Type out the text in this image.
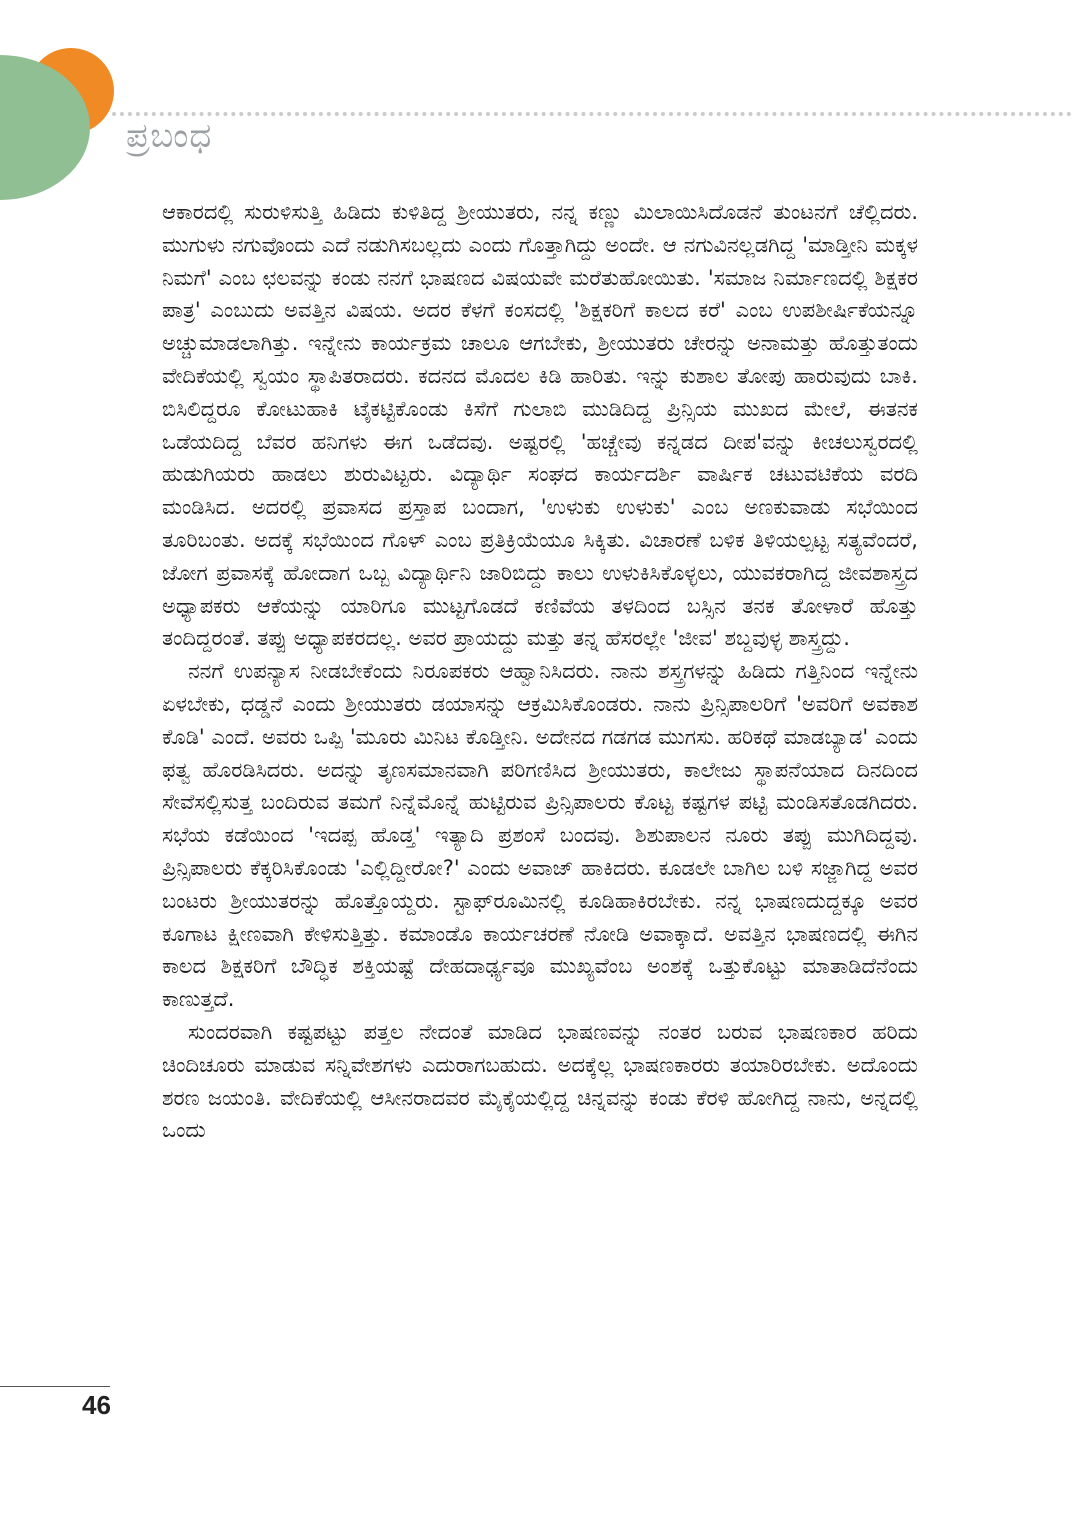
ಪ್ರಬಂಧ

ಆಕಾರದಲ್ಲಿ ಸುರುಳಿಸುತ್ತಿ ಹಿಡಿದು ಕುಳಿತಿದ್ದ ಶ್ರೀಯುತರು, ನನ್ನ ಕಣ್ಣು ಮಿಲಾಯಿಸಿದೊಡನೆ ತುಂಟನಗೆ ಚೆಲ್ಲಿದರು. ಮುಗುಳು ನಗುವೊಂದು ಎದೆ ನಡುಗಿಸಬಲ್ಲದು ಎಂದು ಗೊತ್ತಾಗಿದ್ದು ಅಂದೇ. ಆ ನಗುವಿನಲ್ಲಡಗಿದ್ದ 'ಮಾಡ್ತೀನಿ ಮಕ್ಕಳ ನಿಮಗೆ' ಎಂಬ ಛಲವನ್ನು ಕಂಡು ನನಗೆ ಭಾಷಣದ ವಿಷಯವೇ ಮರೆತುಹೋಯಿತು. 'ಸಮಾಜ ನಿರ್ಮಾಣದಲ್ಲಿ ಶಿಕ್ಷಕರ ಪಾತ್ರ' ಎಂಬುದು ಅವತ್ತಿನ ವಿಷಯ. ಅದರ ಕೆಳಗೆ ಕಂಸದಲ್ಲಿ 'ಶಿಕ್ಷಕರಿಗೆ ಕಾಲದ ಕರೆ' ಎಂಬ ಉಪಶೀರ್ಷಿಕೆಯನ್ನೂ ಅಚ್ಚುಮಾಡಲಾಗಿತ್ತು. ಇನ್ನೇನು ಕಾರ್ಯಕ್ರಮ ಚಾಲೂ ಆಗಬೇಕು, ಶ್ರೀಯುತರು ಚೇರನ್ನು ಅನಾಮತ್ತು ಹೊತ್ತುತಂದು ವೇದಿಕೆಯಲ್ಲಿ ಸ್ವಯಂ ಸ್ಥಾಪಿತರಾದರು. ಕದನದ ಮೊದಲ ಕಿಡಿ ಹಾರಿತು. ಇನ್ನು ಕುಶಾಲ ತೋಪು ಹಾರುವುದು ಬಾಕಿ. ಬಿಸಿಲಿದ್ದರೂ ಕೋಟುಹಾಕಿ ಟೈಕಟ್ಟಿಕೊಂಡು ಕಿಸೆಗೆ ಗುಲಾಬಿ ಮುಡಿದಿದ್ದ ಪ್ರಿನ್ಸಿಯ ಮುಖದ ಮೇಲೆ, ಈತನಕ ಒಡೆಯದಿದ್ದ ಬೆವರ ಹನಿಗಳು ಈಗ ಒಡೆದವು. ಅಷ್ಟರಲ್ಲಿ 'ಹಚ್ಚೇವು ಕನ್ನಡದ ದೀಪ'ವನ್ನು ಕೀಚಲುಸ್ವರದಲ್ಲಿ ಹುಡುಗಿಯರು ಹಾಡಲು ಶುರುವಿಟ್ಟರು. ವಿದ್ಯಾರ್ಥಿ ಸಂಘದ ಕಾರ್ಯದರ್ಶಿ ವಾರ್ಷಿಕ ಚಟುವಟಿಕೆಯ ವರದಿ ಮಂಡಿಸಿದ. ಅದರಲ್ಲಿ ಪ್ರವಾಸದ ಪ್ರಸ್ತಾಪ ಬಂದಾಗ, 'ಉಳುಕು ಉಳುಕು' ಎಂಬ ಅಣಕುವಾಡು ಸಭೆಯಿಂದ ತೂರಿಬಂತು. ಅದಕ್ಕೆ ಸಭೆಯಿಂದ ಗೊಳ್ ಎಂಬ ಪ್ರತಿಕ್ರಿಯೆಯೂ ಸಿಕ್ಕಿತು. ವಿಚಾರಣೆ ಬಳಿಕ ತಿಳಿಯಲ್ಪಟ್ಟ ಸತ್ಯವೆಂದರೆ, ಜೋಗ ಪ್ರವಾಸಕ್ಕೆ ಹೋದಾಗ ಒಬ್ಬ ವಿದ್ಯಾರ್ಥಿನಿ ಜಾರಿಬಿದ್ದು ಕಾಲು ಉಳುಕಿಸಿಕೊಳ್ಳಲು, ಯುವಕರಾಗಿದ್ದ ಜೀವಶಾಸ್ತ್ರದ ಅಧ್ಯಾಪಕರು ಆಕೆಯನ್ನು ಯಾರಿಗೂ ಮುಟ್ಟಗೊಡದೆ ಕಣಿವೆಯ ತಳದಿಂದ ಬಸ್ಸಿನ ತನಕ ತೋಳಾರೆ ಹೊತ್ತು ತಂದಿದ್ದರಂತೆ. ತಪ್ಪು ಅಧ್ಯಾಪಕರದಲ್ಲ. ಅವರ ಪ್ರಾಯದ್ದು ಮತ್ತು ತನ್ನ ಹೆಸರಲ್ಲೇ 'ಜೀವ' ಶಬ್ದವುಳ್ಳ ಶಾಸ್ತ್ರದ್ದು.

ನನಗೆ ಉಪನ್ಯಾಸ ನೀಡಬೇಕೆಂದು ನಿರೂಪಕರು ಆಹ್ವಾನಿಸಿದರು. ನಾನು ಶಸ್ತ್ರಗಳನ್ನು ಹಿಡಿದು ಗತ್ತಿನಿಂದ ಇನ್ನೇನು ಏಳಬೇಕು, ಧಡ್ಡನೆ ಎಂದು ಶ್ರೀಯುತರು ಡಯಾಸನ್ನು ಆಕ್ರಮಿಸಿಕೊಂಡರು. ನಾನು ಪ್ರಿನ್ಸಿಪಾಲರಿಗೆ 'ಅವರಿಗೆ ಅವಕಾಶ ಕೊಡಿ' ಎಂದೆ. ಅವರು ಒಪ್ಪಿ 'ಮೂರು ಮಿನಿಟ ಕೊಡ್ತೀನಿ. ಅದೇನದ ಗಡಗಡ ಮುಗಸು. ಹರಿಕಥೆ ಮಾಡಬ್ಯಾಡ' ಎಂದು ಫತ್ವ ಹೊರಡಿಸಿದರು. ಅದನ್ನು ತೃಣಸಮಾನವಾಗಿ ಪರಿಗಣಿಸಿದ ಶ್ರೀಯುತರು, ಕಾಲೇಜು ಸ್ಥಾಪನೆಯಾದ ದಿನದಿಂದ ಸೇವೆಸಲ್ಲಿಸುತ್ತ ಬಂದಿರುವ ತಮಗೆ ನಿನ್ನೆಮೊನ್ನೆ ಹುಟ್ಟಿರುವ ಪ್ರಿನ್ಸಿಪಾಲರು ಕೊಟ್ಟ ಕಷ್ಟಗಳ ಪಟ್ಟಿ ಮಂಡಿಸತೊಡಗಿದರು. ಸಭೆಯ ಕಡೆಯಿಂದ 'ಇದಪ್ಪ ಹೊಡ್ತ' ಇತ್ಯಾದಿ ಪ್ರಶಂಸೆ ಬಂದವು. ಶಿಶುಪಾಲನ ನೂರು ತಪ್ಪು ಮುಗಿದಿದ್ದವು. ಪ್ರಿನ್ಸಿಪಾಲರು ಕೆಕ್ಕರಿಸಿಕೊಂಡು 'ಎಲ್ಲಿದ್ದೀರೋ?' ಎಂದು ಅವಾಜ್ ಹಾಕಿದರು. ಕೂಡಲೇ ಬಾಗಿಲ ಬಳಿ ಸಜ್ಜಾಗಿದ್ದ ಅವರ ಬಂಟರು ಶ್ರೀಯುತರನ್ನು ಹೊತ್ತೊಯ್ದರು. ಸ್ಟಾಫ್‌ರೂಮಿನಲ್ಲಿ ಕೂಡಿಹಾಕಿರಬೇಕು. ನನ್ನ ಭಾಷಣದುದ್ದಕ್ಕೂ ಅವರ ಕೂಗಾಟ ಕ್ಷೀಣವಾಗಿ ಕೇಳಿಸುತ್ತಿತ್ತು. ಕಮಾಂಡೊ ಕಾರ್ಯಚರಣೆ ನೋಡಿ ಅವಾಕ್ಕಾದೆ. ಅವತ್ತಿನ ಭಾಷಣದಲ್ಲಿ ಈಗಿನ ಕಾಲದ ಶಿಕ್ಷಕರಿಗೆ ಬೌದ್ಧಿಕ ಶಕ್ತಿಯಷ್ಟೆ ದೇಹದಾರ್ಢ್ಯವೂ ಮುಖ್ಯವೆಂಬ ಅಂಶಕ್ಕೆ ಒತ್ತುಕೊಟ್ಟು ಮಾತಾಡಿದೆನೆಂದು ಕಾಣುತ್ತದೆ.

ಸುಂದರವಾಗಿ ಕಷ್ಟಪಟ್ಟು ಪತ್ತಲ ನೇದಂತೆ ಮಾಡಿದ ಭಾಷಣವನ್ನು ನಂತರ ಬರುವ ಭಾಷಣಕಾರ ಹರಿದು ಚಿಂದಿಚೂರು ಮಾಡುವ ಸನ್ನಿವೇಶಗಳು ಎದುರಾಗಬಹುದು. ಅದಕ್ಕೆಲ್ಲ ಭಾಷಣಕಾರರು ತಯಾರಿರಬೇಕು. ಅದೊಂದು ಶರಣ ಜಯಂತಿ. ವೇದಿಕೆಯಲ್ಲಿ ಆಸೀನರಾದವರ ಮೈಕೈಯಲ್ಲಿದ್ದ ಚಿನ್ನವನ್ನು ಕಂಡು ಕೆರಳಿ ಹೋಗಿದ್ದ ನಾನು, ಅನ್ನದಲ್ಲಿ ಒಂದು

46
